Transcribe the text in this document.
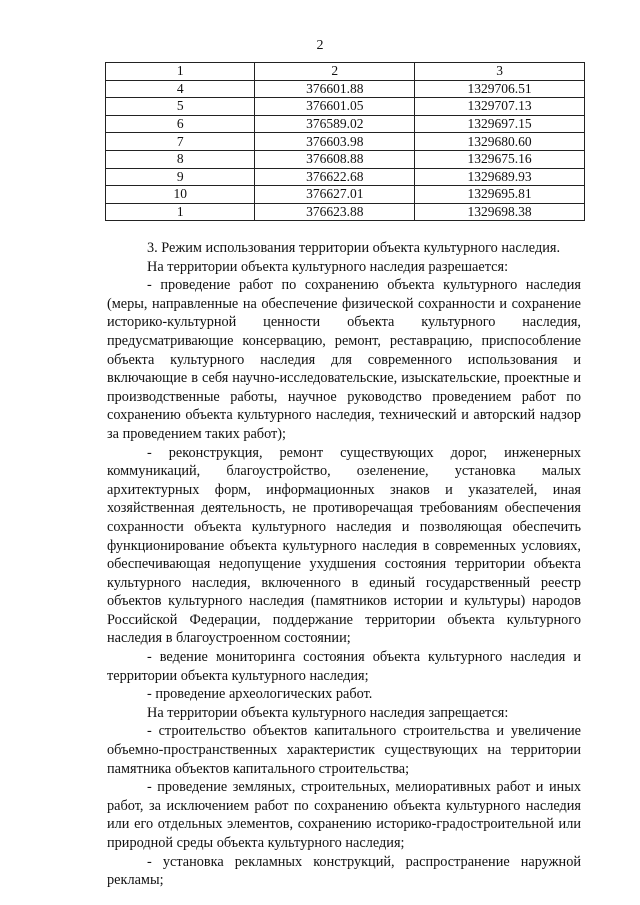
2
1	2	3
4	376601.88	1329706.51
5	376601.05	1329707.13
6	376589.02	1329697.15
7	376603.98	1329680.60
8	376608.88	1329675.16
9	376622.68	1329689.93
10	376627.01	1329695.81
1	376623.88	1329698.38

3. Режим использования территории объекта культурного наследия.

На территории объекта культурного наследия разрешается:

- проведение работ по сохранению объекта культурного наследия (меры, направленные на обеспечение физической сохранности и сохранение историко-культурной ценности объекта культурного наследия, предусматривающие консервацию, ремонт, реставрацию, приспособление объекта культурного наследия для современного использования и включающие в себя научно-исследовательские, изыскательские, проектные и производственные работы, научное руководство проведением работ по сохранению объекта культурного наследия, технический и авторский надзор за проведением таких работ);

- реконструкция, ремонт существующих дорог, инженерных коммуникаций, благоустройство, озеленение, установка малых архитектурных форм, информационных знаков и указателей, иная хозяйственная деятельность, не противоречащая требованиям обеспечения сохранности объекта культурного наследия и позволяющая обеспечить функционирование объекта культурного наследия в современных условиях, обеспечивающая недопущение ухудшения состояния территории объекта культурного наследия, включенного в единый государственный реестр объектов культурного наследия (памятников истории и культуры) народов Российской Федерации, поддержание территории объекта культурного наследия в благоустроенном состоянии;

- ведение мониторинга состояния объекта культурного наследия и территории объекта культурного наследия;

- проведение археологических работ.

На территории объекта культурного наследия запрещается:

- строительство объектов капитального строительства и увеличение объемно-пространственных характеристик существующих на территории памятника объектов капитального строительства;

- проведение земляных, строительных, мелиоративных работ и иных работ, за исключением работ по сохранению объекта культурного наследия или его отдельных элементов, сохранению историко-градостроительной или природной среды объекта культурного наследия;

- установка рекламных конструкций, распространение наружной рекламы;
